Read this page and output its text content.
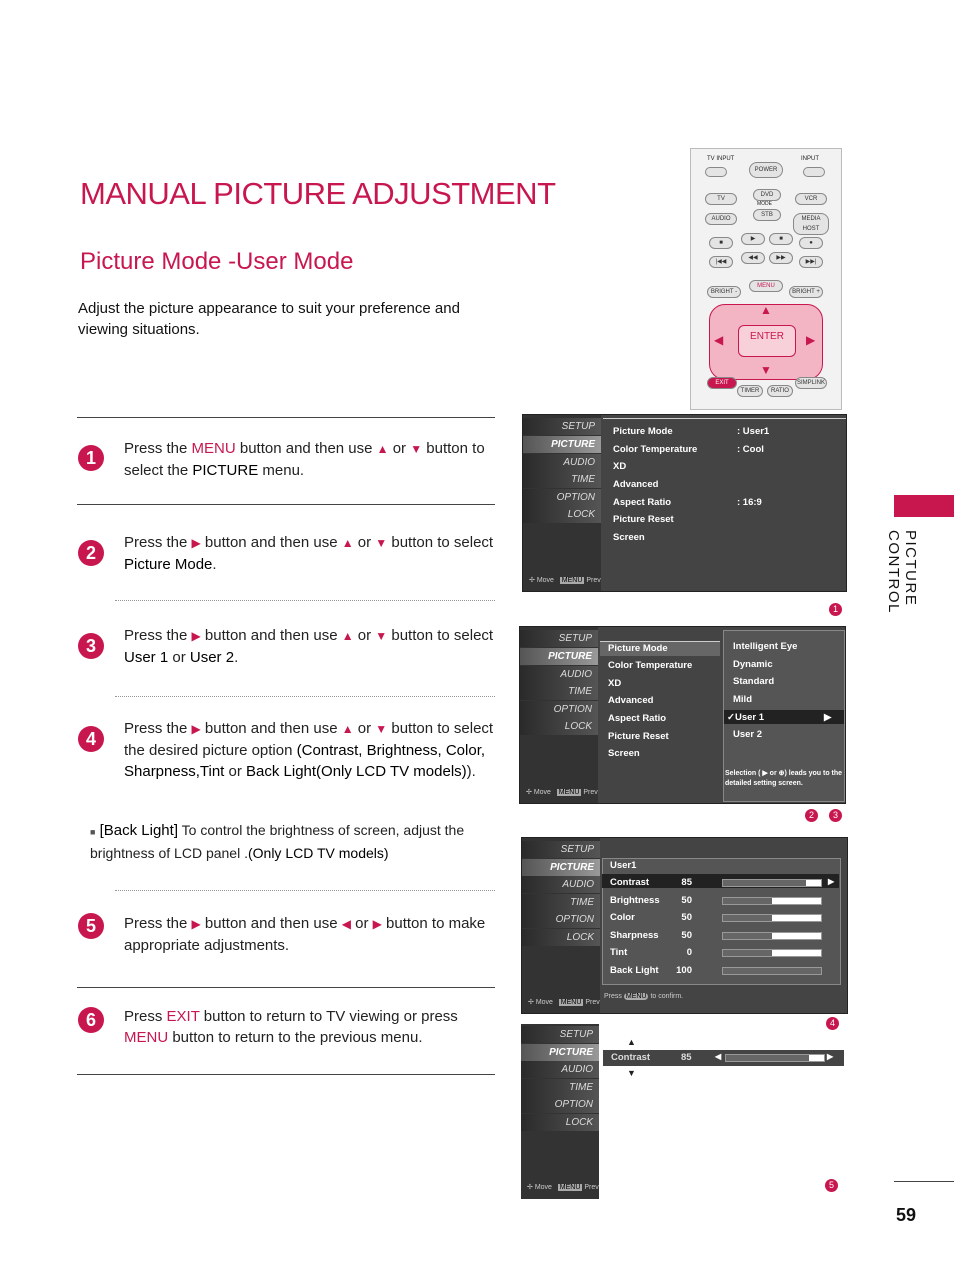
MANUAL PICTURE ADJUSTMENT
Picture Mode -User Mode
Adjust the picture appearance to suit your preference and viewing situations.
PICTURE CONTROL
59
TV INPUT	INPUT
POWER
TV
DVD
VCR
MODE
AUDIO
STB
MEDIA HOST
■
▶	■
●
|◀◀
◀◀	▶▶
▶▶|
BRIGHT -
MENU
BRIGHT +
▲
▼
◀	▶
ENTER
EXIT
TIMER	RATIO
SIMPLINK
1	Press the MENU button and then use ▲ or ▼ button to select the PICTURE menu.
2
Press the ▶ button and then use ▲ or ▼ button to select Picture Mode.
3
Press the ▶ button and then use ▲ or ▼ button to select User 1 or User 2.
4
Press the ▶ button and then use ▲ or ▼ button to select the desired picture option (Contrast, Brightness, Color, Sharpness,Tint or Back Light(Only LCD TV models)).
■ [Back Light] To control the brightness of screen, adjust the brightness of LCD panel .(Only LCD TV models)
5	Press the ▶ button and then use ◀ or ▶ button to make appropriate adjustments.
6	Press EXIT button to return to TV viewing or press MENU button to return to the previous menu.
SETUP
PICTURE
AUDIO
TIME
OPTION
LOCK
✢ Move MENU Prev
Picture Mode	: User1
Color Temperature	: Cool
XD
Advanced
Aspect Ratio	: 16:9
Picture Reset
Screen
1
SETUP
PICTURE
AUDIO
TIME
OPTION
LOCK
✢ Move MENU Prev
Picture Mode
Color Temperature
XD
Advanced
Aspect Ratio
Picture Reset
Screen
Intelligent Eye
Dynamic
Standard
Mild
✓User 1	▶
User 2
Selection ( ▶ or ⊕) leads you to the detailed setting screen.
2	3
SETUP
PICTURE
AUDIO
TIME
OPTION
LOCK
✢ Move MENU Prev
User1
▶
Press MENU to confirm.
Contrast	85
Brightness	50
Color	50
Sharpness	50
Tint	0
Back Light	100
4
SETUP
PICTURE
AUDIO
TIME
OPTION
LOCK
✢ Move MENU Prev
▲
Contrast	85	◀	▶
▼
5
